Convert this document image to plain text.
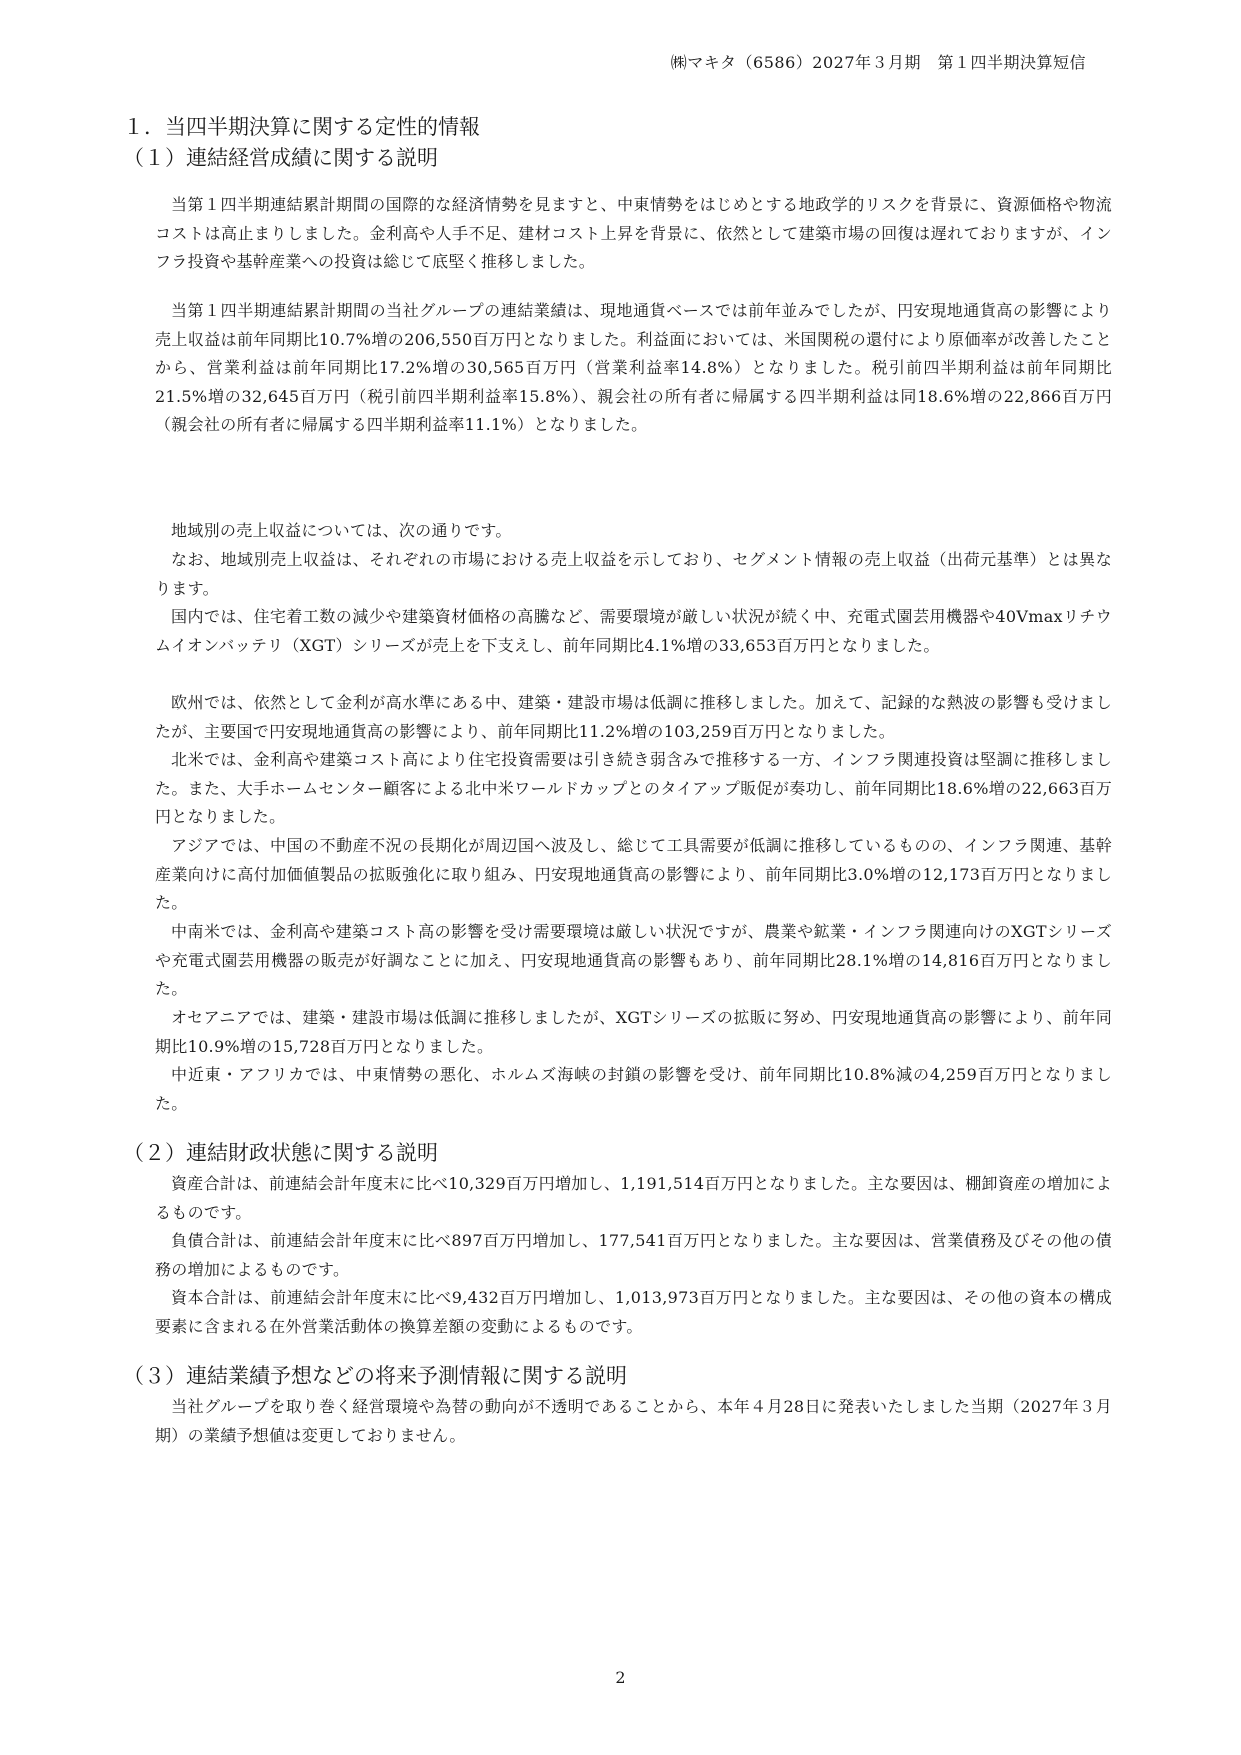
㈱マキタ（6586）2027年３月期　第１四半期決算短信
１．当四半期決算に関する定性的情報
（１）連結経営成績に関する説明

当第１四半期連結累計期間の国際的な経済情勢を見ますと、中東情勢をはじめとする地政学的リスクを背景に、資源価格や物流コストは高止まりしました。金利高や人手不足、建材コスト上昇を背景に、依然として建築市場の回復は遅れておりますが、インフラ投資や基幹産業への投資は総じて底堅く推移しました。

当第１四半期連結累計期間の当社グループの連結業績は、現地通貨ベースでは前年並みでしたが、円安現地通貨高の影響により売上収益は前年同期比10.7%増の206,550百万円となりました。利益面においては、米国関税の還付により原価率が改善したことから、営業利益は前年同期比17.2%増の30,565百万円（営業利益率14.8%）となりました。税引前四半期利益は前年同期比21.5%増の32,645百万円（税引前四半期利益率15.8%）、親会社の所有者に帰属する四半期利益は同18.6%増の22,866百万円（親会社の所有者に帰属する四半期利益率11.1%）となりました。

地域別の売上収益については、次の通りです。

なお、地域別売上収益は、それぞれの市場における売上収益を示しており、セグメント情報の売上収益（出荷元基準）とは異なります。

国内では、住宅着工数の減少や建築資材価格の高騰など、需要環境が厳しい状況が続く中、充電式園芸用機器や40Vmaxリチウムイオンバッテリ（XGT）シリーズが売上を下支えし、前年同期比4.1%増の33,653百万円となりました。

欧州では、依然として金利が高水準にある中、建築・建設市場は低調に推移しました。加えて、記録的な熱波の影響も受けましたが、主要国で円安現地通貨高の影響により、前年同期比11.2%増の103,259百万円となりました。

北米では、金利高や建築コスト高により住宅投資需要は引き続き弱含みで推移する一方、インフラ関連投資は堅調に推移しました。また、大手ホームセンター顧客による北中米ワールドカップとのタイアップ販促が奏功し、前年同期比18.6%増の22,663百万円となりました。

アジアでは、中国の不動産不況の長期化が周辺国へ波及し、総じて工具需要が低調に推移しているものの、インフラ関連、基幹産業向けに高付加価値製品の拡販強化に取り組み、円安現地通貨高の影響により、前年同期比3.0%増の12,173百万円となりました。

中南米では、金利高や建築コスト高の影響を受け需要環境は厳しい状況ですが、農業や鉱業・インフラ関連向けのXGTシリーズや充電式園芸用機器の販売が好調なことに加え、円安現地通貨高の影響もあり、前年同期比28.1%増の14,816百万円となりました。

オセアニアでは、建築・建設市場は低調に推移しましたが、XGTシリーズの拡販に努め、円安現地通貨高の影響により、前年同期比10.9%増の15,728百万円となりました。

中近東・アフリカでは、中東情勢の悪化、ホルムズ海峡の封鎖の影響を受け、前年同期比10.8%減の4,259百万円となりました。

（２）連結財政状態に関する説明

資産合計は、前連結会計年度末に比べ10,329百万円増加し、1,191,514百万円となりました。主な要因は、棚卸資産の増加によるものです。

負債合計は、前連結会計年度末に比べ897百万円増加し、177,541百万円となりました。主な要因は、営業債務及びその他の債務の増加によるものです。

資本合計は、前連結会計年度末に比べ9,432百万円増加し、1,013,973百万円となりました。主な要因は、その他の資本の構成要素に含まれる在外営業活動体の換算差額の変動によるものです。

（３）連結業績予想などの将来予測情報に関する説明

当社グループを取り巻く経営環境や為替の動向が不透明であることから、本年４月28日に発表いたしました当期（2027年３月期）の業績予想値は変更しておりません。

2
